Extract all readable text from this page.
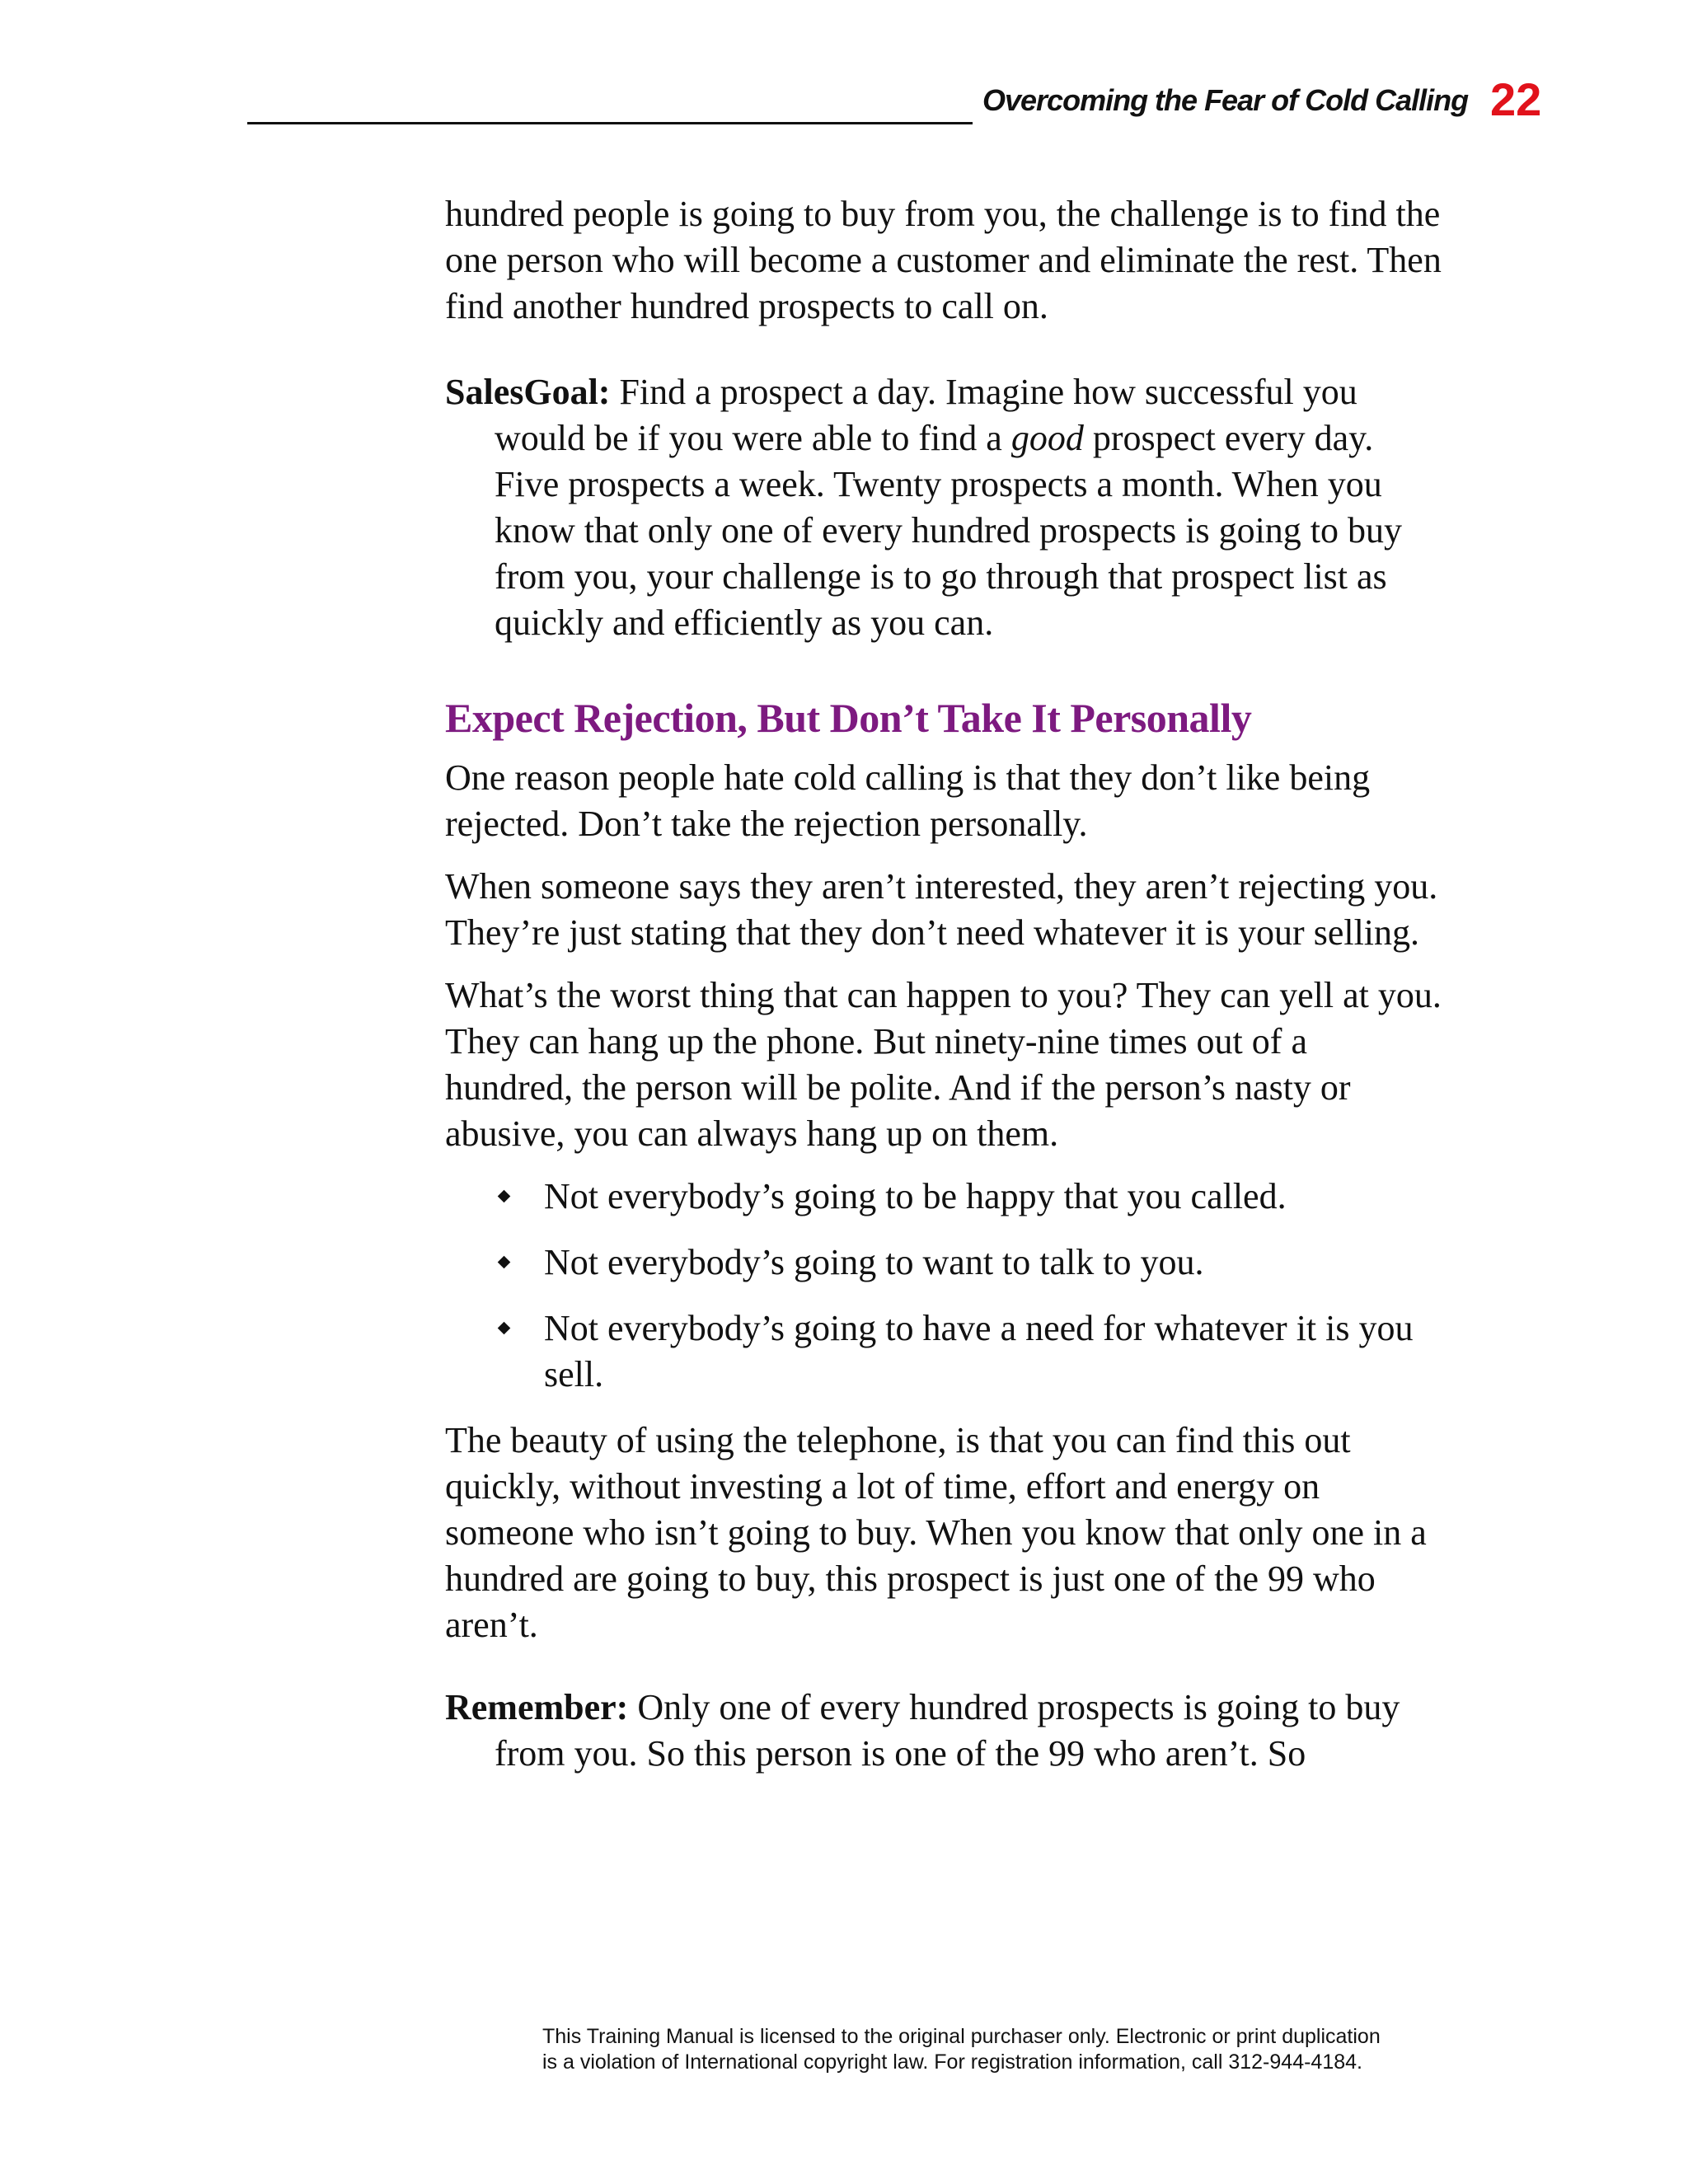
Overcoming the Fear of Cold Calling 22

hundred people is going to buy from you, the challenge is to find the one person who will become a customer and eliminate the rest. Then find another hundred prospects to call on.

SalesGoal: Find a prospect a day. Imagine how successful you would be if you were able to find a good prospect every day. Five prospects a week. Twenty prospects a month. When you know that only one of every hundred prospects is going to buy from you, your challenge is to go through that prospect list as quickly and efficiently as you can.

Expect Rejection, But Don’t Take It Personally

One reason people hate cold calling is that they don’t like being rejected. Don’t take the rejection personally.

When someone says they aren’t interested, they aren’t rejecting you. They’re just stating that they don’t need whatever it is your selling.

What’s the worst thing that can happen to you? They can yell at you. They can hang up the phone. But ninety-nine times out of a hundred, the person will be polite. And if the person’s nasty or abusive, you can always hang up on them.

Not everybody’s going to be happy that you called.
Not everybody’s going to want to talk to you.
Not everybody’s going to have a need for whatever it is you sell.

The beauty of using the telephone, is that you can find this out quickly, without investing a lot of time, effort and energy on someone who isn’t going to buy. When you know that only one in a hundred are going to buy, this prospect is just one of the 99 who aren’t.

Remember: Only one of every hundred prospects is going to buy from you. So this person is one of the 99 who aren’t. So

This Training Manual is licensed to the original purchaser only. Electronic or print duplication
is a violation of International copyright law. For registration information, call 312-944-4184.
